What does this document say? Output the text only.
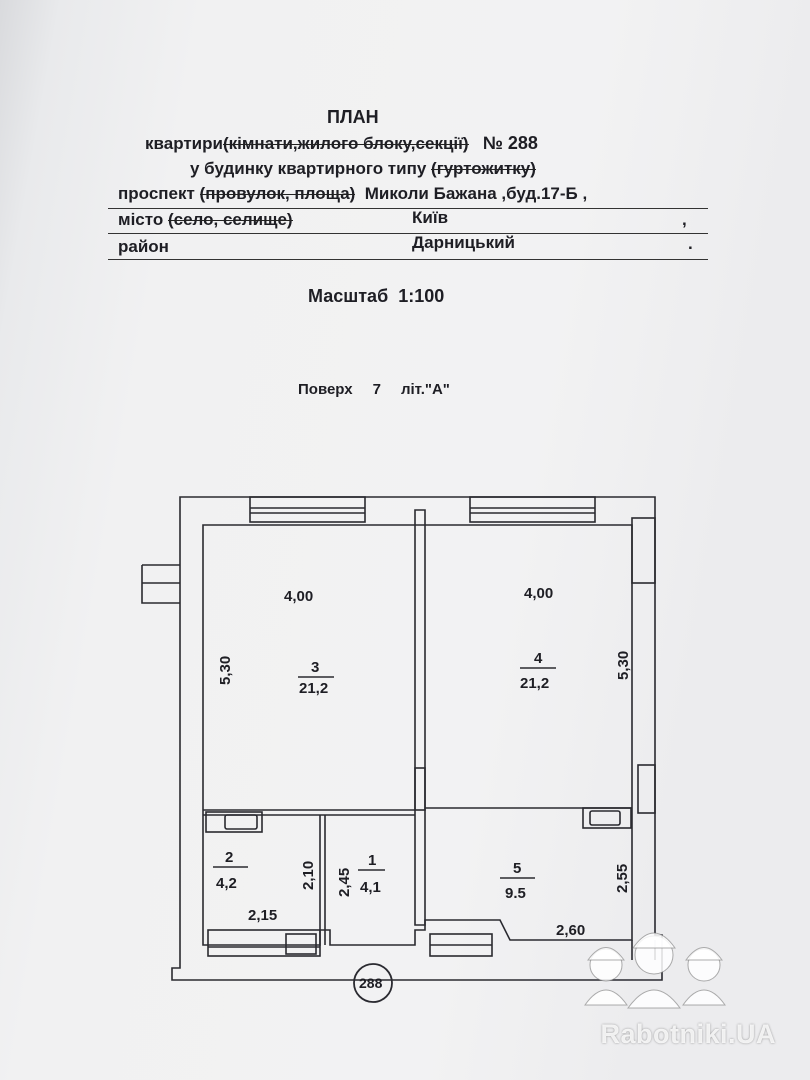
ПЛАН
квартири(кімнати,жилого блоку,секції) № 288
у будинку квартирного типу (гуртожитку)
проспект (провулок, площа) Миколи Бажана ,буд.17-Б ,
місто (село, селище)	Київ	,
район	Дарницький	.
Масштаб 1:100
Поверх 7 літ."А"
4,00	4,00
5,30	5,30
3
21,2
4
21,2
2
4,2	2,10
2,15
1
4,1
2,45	5
9.5
2,55
2,60
288
Rabotniki.UA
